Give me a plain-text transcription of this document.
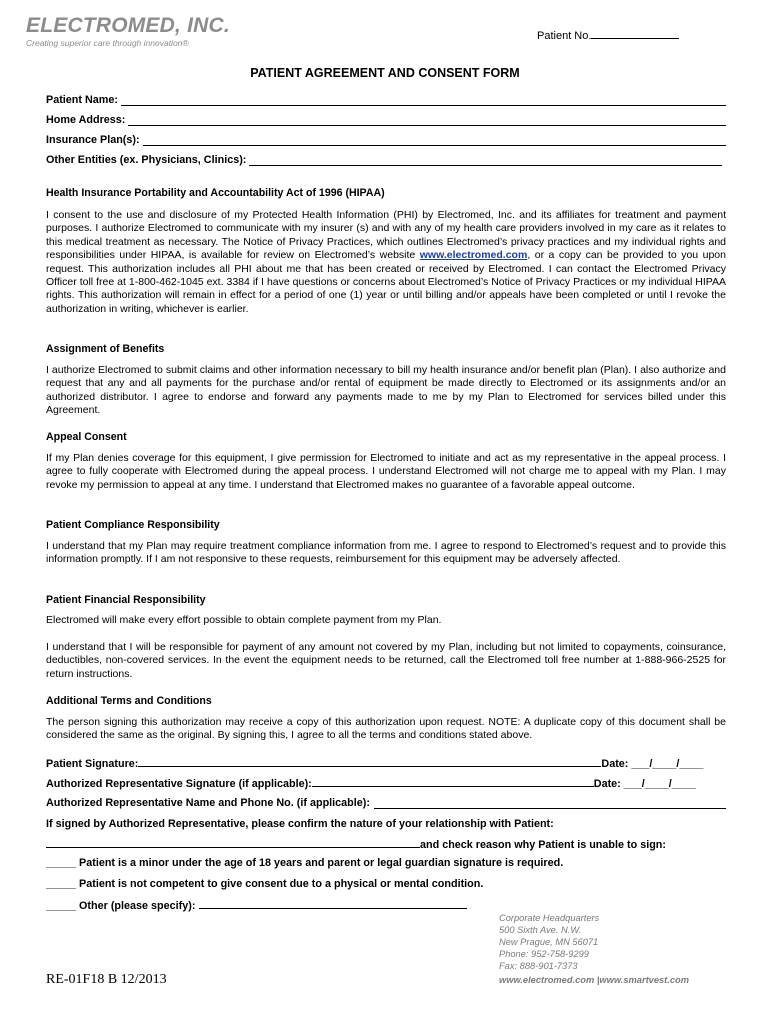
ELECTROMED, INC.
Creating superior care through innovation®
Patient No.
PATIENT AGREEMENT AND CONSENT FORM
Patient Name:
Home Address:
Insurance Plan(s):
Other Entities (ex. Physicians, Clinics):
Health Insurance Portability and Accountability Act of 1996 (HIPAA)
I consent to the use and disclosure of my Protected Health Information (PHI) by Electromed, Inc. and its affiliates for treatment and payment purposes. I authorize Electromed to communicate with my insurer (s) and with any of my health care providers involved in my care as it relates to this medical treatment as necessary. The Notice of Privacy Practices, which outlines Electromed’s privacy practices and my individual rights and responsibilities under HIPAA, is available for review on Electromed’s website www.electromed.com, or a copy can be provided to you upon request. This authorization includes all PHI about me that has been created or received by Electromed. I can contact the Electromed Privacy Officer toll free at 1-800-462-1045 ext. 3384 if I have questions or concerns about Electromed’s Notice of Privacy Practices or my individual HIPAA rights. This authorization will remain in effect for a period of one (1) year or until billing and/or appeals have been completed or until I revoke the authorization in writing, whichever is earlier.
Assignment of Benefits
I authorize Electromed to submit claims and other information necessary to bill my health insurance and/or benefit plan (Plan). I also authorize and request that any and all payments for the purchase and/or rental of equipment be made directly to Electromed or its assignments and/or an authorized distributor. I agree to endorse and forward any payments made to me by my Plan to Electromed for services billed under this Agreement.
Appeal Consent
If my Plan denies coverage for this equipment, I give permission for Electromed to initiate and act as my representative in the appeal process. I agree to fully cooperate with Electromed during the appeal process. I understand Electromed will not charge me to appeal with my Plan. I may revoke my permission to appeal at any time. I understand that Electromed makes no guarantee of a favorable appeal outcome.
Patient Compliance Responsibility
I understand that my Plan may require treatment compliance information from me. I agree to respond to Electromed’s request and to provide this information promptly. If I am not responsive to these requests, reimbursement for this equipment may be adversely affected.
Patient Financial Responsibility
Electromed will make every effort possible to obtain complete payment from my Plan.
I understand that I will be responsible for payment of any amount not covered by my Plan, including but not limited to copayments, coinsurance, deductibles, non-covered services. In the event the equipment needs to be returned, call the Electromed toll free number at 1-888-966-2525 for return instructions.
Additional Terms and Conditions
The person signing this authorization may receive a copy of this authorization upon request. NOTE: A duplicate copy of this document shall be considered the same as the original. By signing this, I agree to all the terms and conditions stated above.
Patient Signature:	Date: ___/____/____
Authorized Representative Signature (if applicable):	Date: ___/____/____
Authorized Representative Name and Phone No. (if applicable):
If signed by Authorized Representative, please confirm the nature of your relationship with Patient:
and check reason why Patient is unable to sign:
_____ Patient is a minor under the age of 18 years and parent or legal guardian signature is required.
_____ Patient is not competent to give consent due to a physical or mental condition.
_____ Other (please specify):
Corporate Headquarters
500 Sixth Ave. N.W.
New Prague, MN 56071
Phone: 952-758-9299
Fax: 888-901-7373
www.electromed.com |www.smartvest.com
RE-01F18 B 12/2013
